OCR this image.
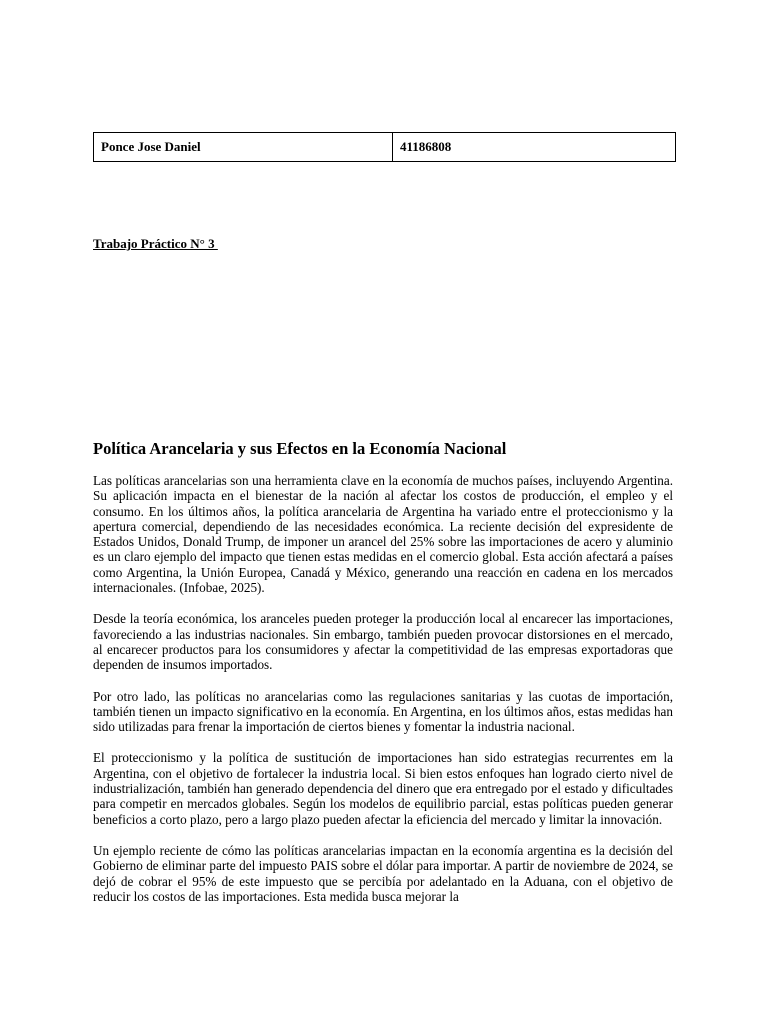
Ponce Jose Daniel	41186808
Trabajo Práctico N° 3
Política Arancelaria y sus Efectos en la Economía Nacional

Las políticas arancelarias son una herramienta clave en la economía de muchos países, incluyendo Argentina. Su aplicación impacta en el bienestar de la nación al afectar los costos de producción, el empleo y el consumo. En los últimos años, la política arancelaria de Argentina ha variado entre el proteccionismo y la apertura comercial, dependiendo de las necesidades económica. La reciente decisión del expresidente de Estados Unidos, Donald Trump, de imponer un arancel del 25% sobre las importaciones de acero y aluminio es un claro ejemplo del impacto que tienen estas medidas en el comercio global. Esta acción afectará a países como Argentina, la Unión Europea, Canadá y México, generando una reacción en cadena en los mercados internacionales. (Infobae, 2025).

Desde la teoría económica, los aranceles pueden proteger la producción local al encarecer las importaciones, favoreciendo a las industrias nacionales. Sin embargo, también pueden provocar distorsiones en el mercado, al encarecer productos para los consumidores y afectar la competitividad de las empresas exportadoras que dependen de insumos importados.

Por otro lado, las políticas no arancelarias como las regulaciones sanitarias y las cuotas de importación, también tienen un impacto significativo en la economía. En Argentina, en los últimos años, estas medidas han sido utilizadas para frenar la importación de ciertos bienes y fomentar la industria nacional.

El proteccionismo y la política de sustitución de importaciones han sido estrategias recurrentes em la Argentina, con el objetivo de fortalecer la industria local. Si bien estos enfoques han logrado cierto nivel de industrialización, también han generado dependencia del dinero que era entregado por el estado y dificultades para competir en mercados globales. Según los modelos de equilibrio parcial, estas políticas pueden generar beneficios a corto plazo, pero a largo plazo pueden afectar la eficiencia del mercado y limitar la innovación.

Un ejemplo reciente de cómo las políticas arancelarias impactan en la economía argentina es la decisión del Gobierno de eliminar parte del impuesto PAIS sobre el dólar para importar. A partir de noviembre de 2024, se dejó de cobrar el 95% de este impuesto que se percibía por adelantado en la Aduana, con el objetivo de reducir los costos de las importaciones. Esta medida busca mejorar la
